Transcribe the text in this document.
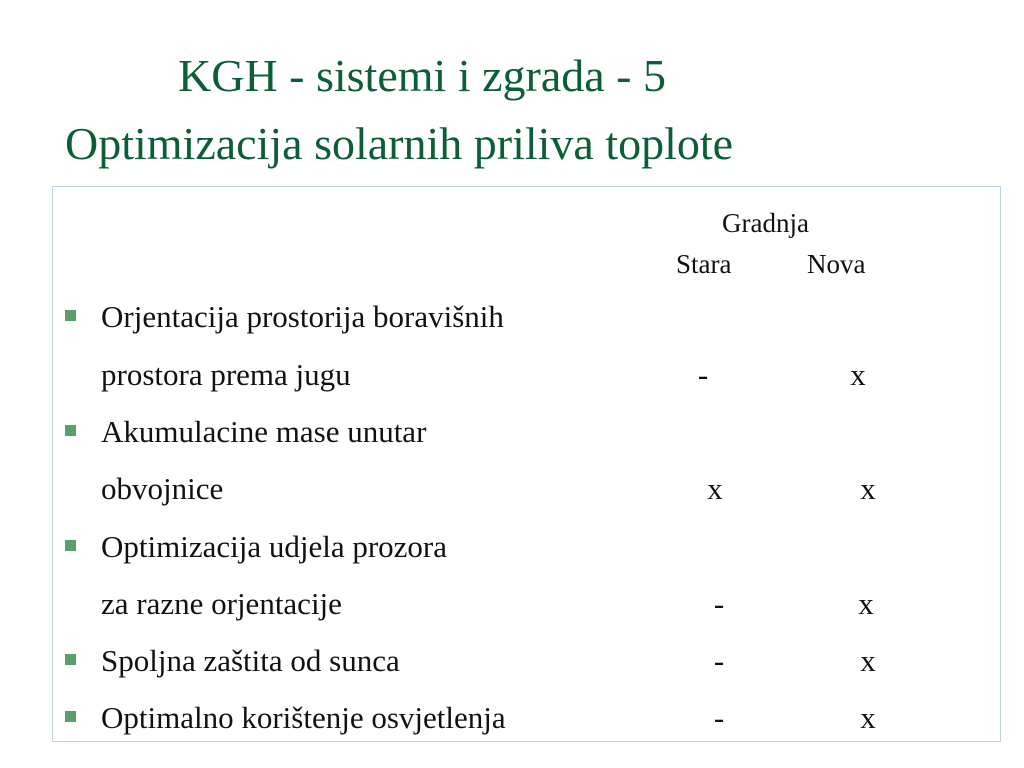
KGH - sistemi i zgrada - 5
Optimizacija solarnih priliva toplote
Gradnja
Stara	Nova
Orjentacija prostorija boravišnih
prostora prema jugu	-	x
Akumulacine mase unutar
obvojnice	x	x
Optimizacija udjela prozora
za razne orjentacije	-	x
Spoljna zaštita od sunca	-	x
Optimalno korištenje osvjetlenja	-	x
